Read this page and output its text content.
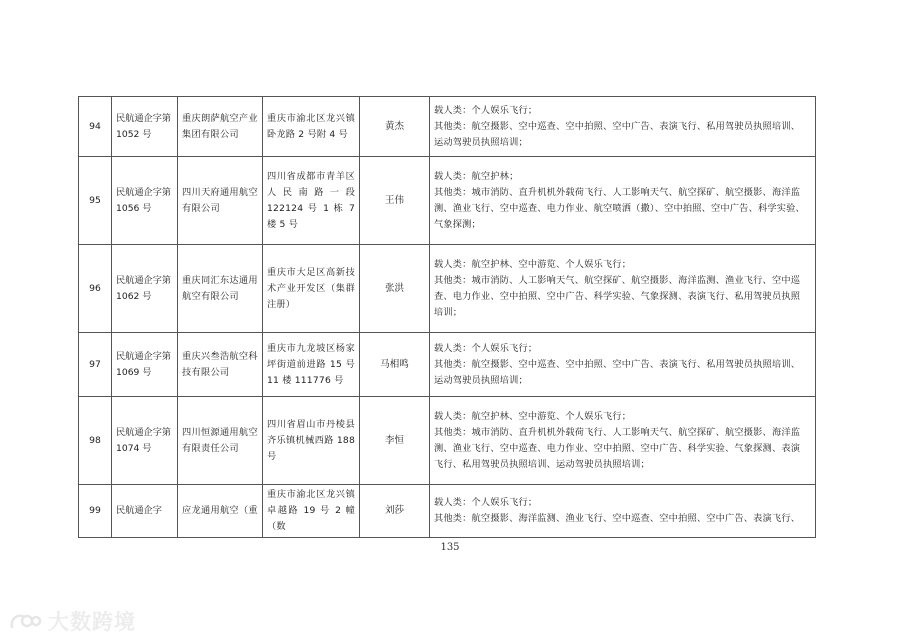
94	民航通企字第 1052 号	重庆朗萨航空产业集团有限公司	重庆市渝北区龙兴镇卧龙路 2 号附 4 号	黄杰	载人类：个人娱乐飞行；
其他类：航空摄影、空中巡查、空中拍照、空中广告、表演飞行、私用驾驶员执照培训、
运动驾驶员执照培训；

95	民航通企字第 1056 号	四川天府通用航空有限公司	四川省成都市青羊区人民南路一段 122124 号 1 栋 7 楼 5 号	王伟	载人类：航空护林；
其他类：城市消防、直升机机外载荷飞行、人工影响天气、航空探矿、航空摄影、海洋监
测、渔业飞行、空中巡查、电力作业、航空喷洒（撒）、空中拍照、空中广告、科学实验、
气象探测；

96	民航通企字第 1062 号	重庆同汇东达通用航空有限公司	重庆市大足区高新技术产业开发区（集群注册）	张洪	载人类：航空护林、空中游览、个人娱乐飞行；
其他类：城市消防、人工影响天气、航空探矿、航空摄影、海洋监测、渔业飞行、空中巡
查、电力作业、空中拍照、空中广告、科学实验、气象探测、表演飞行、私用驾驶员执照
培训；

97	民航通企字第 1069 号	重庆兴叁浩航空科技有限公司	重庆市九龙坡区杨家坪街道前进路 15 号 11 楼 111776 号	马相鸣	载人类：个人娱乐飞行；
其他类：航空摄影、空中巡查、空中拍照、空中广告、表演飞行、私用驾驶员执照培训、
运动驾驶员执照培训；

98	民航通企字第 1074 号	四川恒源通用航空有限责任公司	四川省眉山市丹棱县齐乐镇机械西路 188 号	李恒	载人类：航空护林、空中游览、个人娱乐飞行；
其他类：城市消防、直升机机外载荷飞行、人工影响天气、航空探矿、航空摄影、海洋监
测、渔业飞行、空中巡查、电力作业、空中拍照、空中广告、科学实验、气象探测、表演
飞行、私用驾驶员执照培训、运动驾驶员执照培训；

99	民航通企字	应龙通用航空（重	重庆市渝北区龙兴镇卓越路 19 号 2 幢（数	刘莎	载人类：个人娱乐飞行；
其他类：航空摄影、海洋监测、渔业飞行、空中巡查、空中拍照、空中广告、表演飞行、
135
大数跨境
